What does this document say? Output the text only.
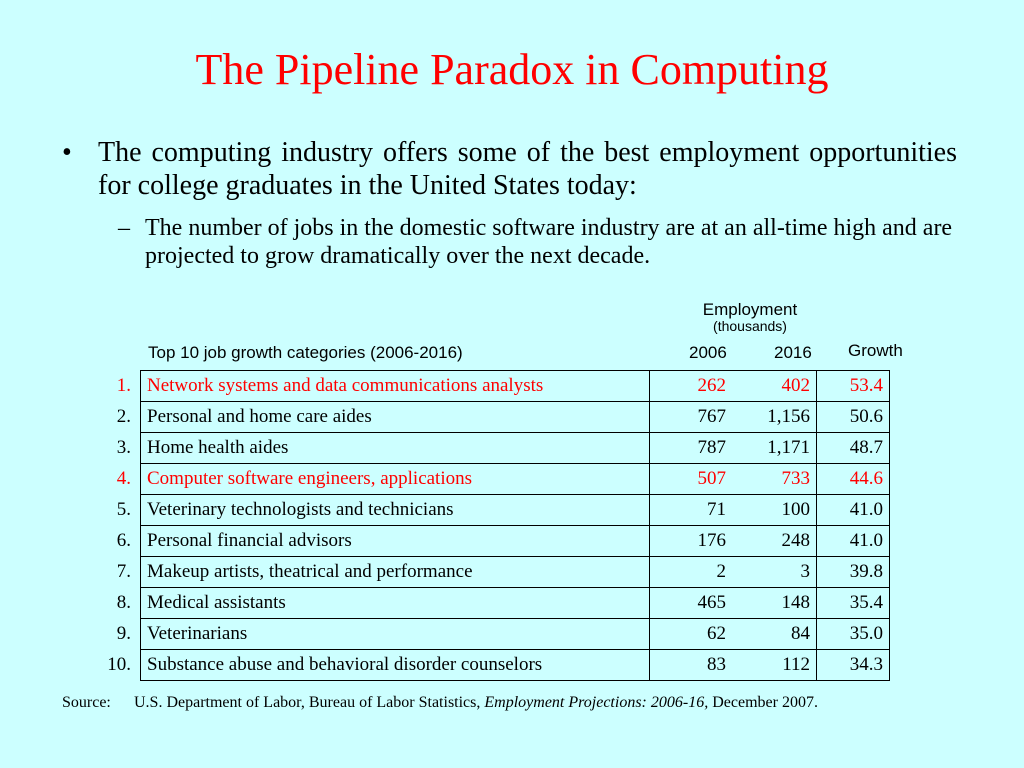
The Pipeline Paradox in Computing
• The computing industry offers some of the best employment opportunities for college graduates in the United States today:
– The number of jobs in the domestic software industry are at an all-time high and are projected to grow dramatically over the next decade.
Employment
(thousands)
Top 10 job growth categories (2006-2016)	2006	2016 Growth
1.	Network systems and data communications analysts	262	402	53.4
2.	Personal and home care aides	767	1,156	50.6
3.	Home health aides	787	1,171	48.7
4.	Computer software engineers, applications	507	733	44.6
5.	Veterinary technologists and technicians	71	100	41.0
6.	Personal financial advisors	176	248	41.0
7.	Makeup artists, theatrical and performance	2	3	39.8
8.	Medical assistants	465	148	35.4
9.	Veterinarians	62	84	35.0
10.	Substance abuse and behavioral disorder counselors	83	112	34.3
Source: U.S. Department of Labor, Bureau of Labor Statistics, Employment Projections: 2006-16, December 2007.
